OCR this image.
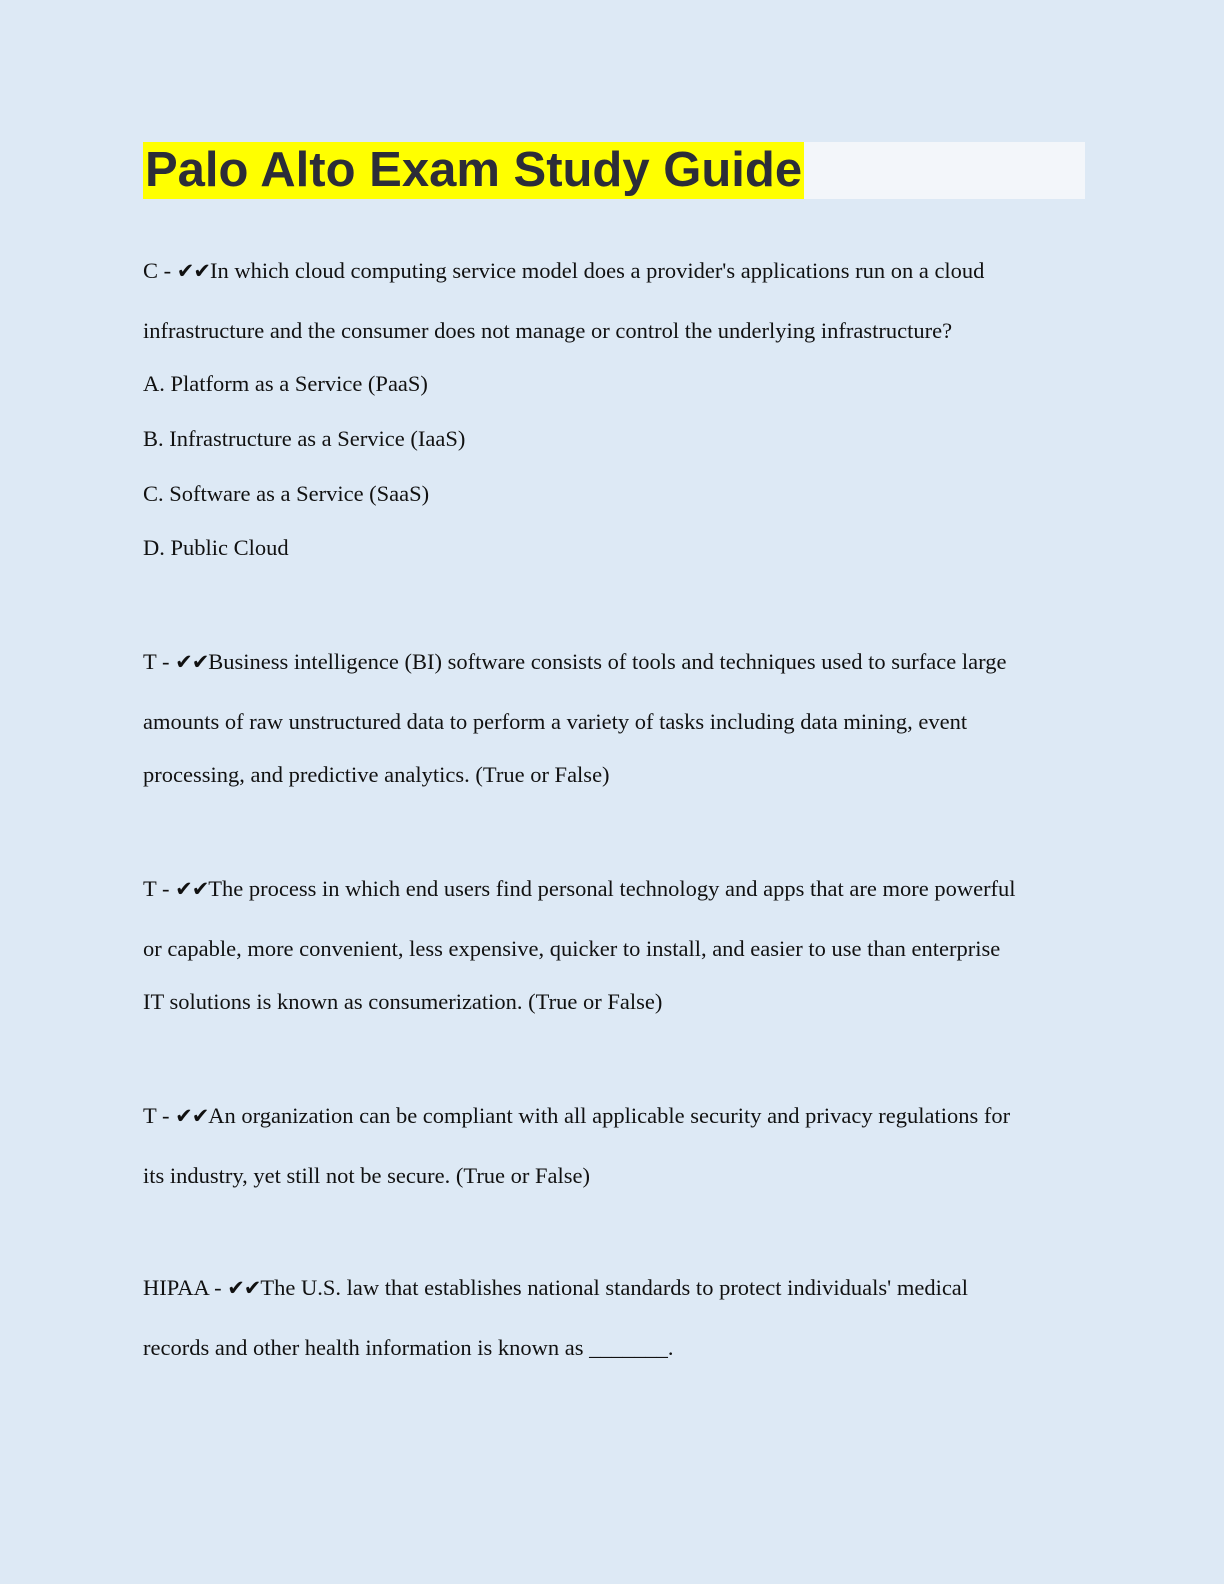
Palo Alto Exam Study Guide
C - ✔✔In which cloud computing service model does a provider's applications run on a cloud
infrastructure and the consumer does not manage or control the underlying infrastructure?
A. Platform as a Service (PaaS)
B. Infrastructure as a Service (IaaS)
C. Software as a Service (SaaS)
D. Public Cloud
T - ✔✔Business intelligence (BI) software consists of tools and techniques used to surface large
amounts of raw unstructured data to perform a variety of tasks including data mining, event
processing, and predictive analytics. (True or False)
T - ✔✔The process in which end users find personal technology and apps that are more powerful
or capable, more convenient, less expensive, quicker to install, and easier to use than enterprise
IT solutions is known as consumerization. (True or False)
T - ✔✔An organization can be compliant with all applicable security and privacy regulations for
its industry, yet still not be secure. (True or False)
HIPAA - ✔✔The U.S. law that establishes national standards to protect individuals' medical
records and other health information is known as _______.
